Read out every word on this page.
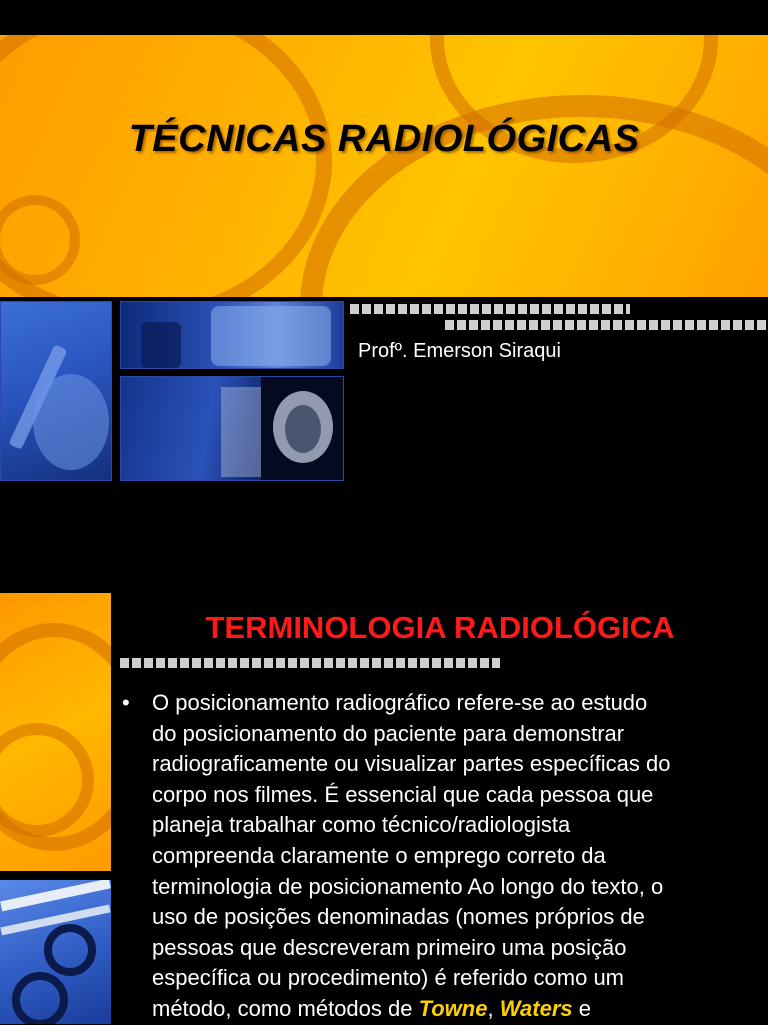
TÉCNICAS RADIOLÓGICAS
Profº. Emerson Siraqui
TERMINOLOGIA RADIOLÓGICA
• O posicionamento radiográfico refere-se ao estudo
do posicionamento do paciente para demonstrar
radiograficamente ou visualizar partes específicas do
corpo nos filmes. É essencial que cada pessoa que
planeja trabalhar como técnico/radiologista
compreenda claramente o emprego correto da
terminologia de posicionamento Ao longo do texto, o
uso de posições denominadas (nomes próprios de
pessoas que descreveram primeiro uma posição
específica ou procedimento) é referido como um
método, como métodos de Towne, Waters e
